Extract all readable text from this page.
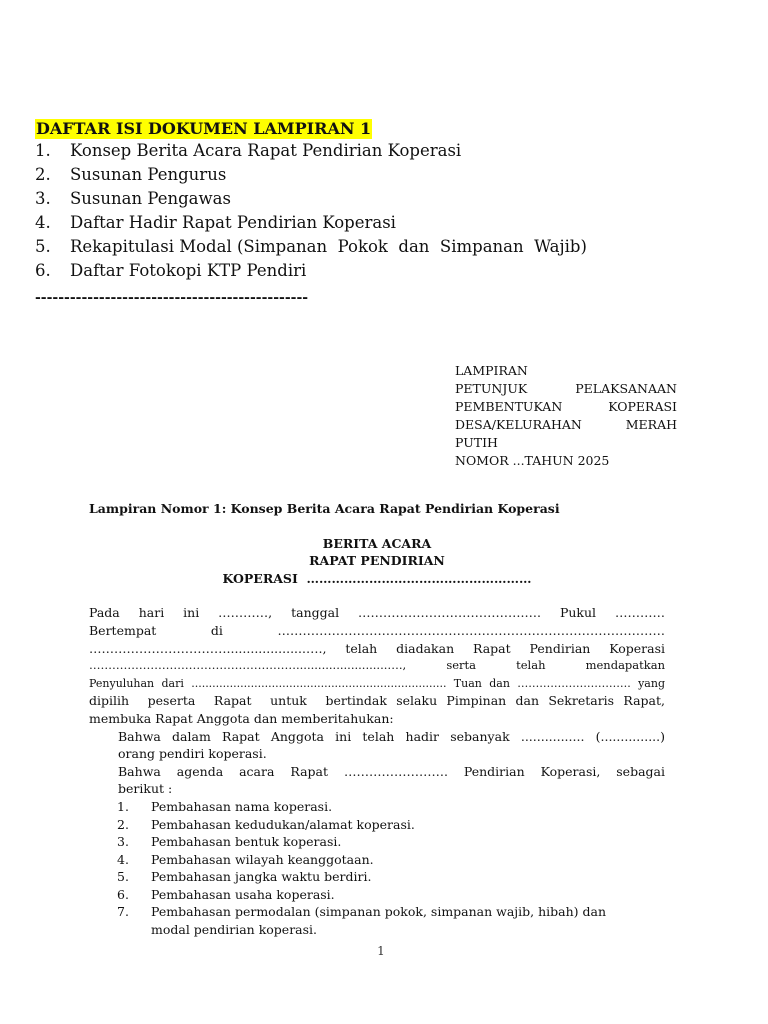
DAFTAR ISI DOKUMEN LAMPIRAN 1
1.	Konsep Berita Acara Rapat Pendirian Koperasi
2.	Susunan Pengurus
3.	Susunan Pengawas
4.	Daftar Hadir Rapat Pendirian Koperasi
5.	Rekapitulasi Modal (Simpanan  Pokok  dan  Simpanan  Wajib)
6.	Daftar Fotokopi KTP Pendiri
-----------------------------------------------
LAMPIRAN
PETUNJUK PELAKSANAAN
PEMBENTUKAN KOPERASI
DESA/KELURAHAN MERAH
PUTIH
NOMOR ...TAHUN 2025
Lampiran Nomor 1: Konsep Berita Acara Rapat Pendirian Koperasi
BERITA ACARA
RAPAT PENDIRIAN
KOPERASI  ………………………………………………
Pada hari ini …………, tanggal ………………………………….…. Pukul …………
Bertempat di …………………………………………………………………………………
……………………………....................…., telah diadakan Rapat Pendirian Koperasi
……………………………………………….........................…., serta telah mendapatkan
Penyuluhan dari ......................................................................... Tuan dan …………………………. yang
dipilih  peserta  Rapat  untuk  bertindak selaku Pimpinan dan Sekretaris Rapat,
membuka Rapat Anggota dan memberitahukan:
Bahwa dalam Rapat Anggota ini telah hadir sebanyak ................ (...............)
orang pendiri koperasi.
Bahwa agenda acara Rapat ……………………. Pendirian Koperasi, sebagai
berikut :
1.	Pembahasan nama koperasi.
2.	Pembahasan kedudukan/alamat koperasi.
3.	Pembahasan bentuk koperasi.
4.	Pembahasan wilayah keanggotaan.
5.	Pembahasan jangka waktu berdiri.
6.	Pembahasan usaha koperasi.
7.	Pembahasan permodalan (simpanan pokok, simpanan wajib, hibah) dan modal pendirian koperasi.
1
